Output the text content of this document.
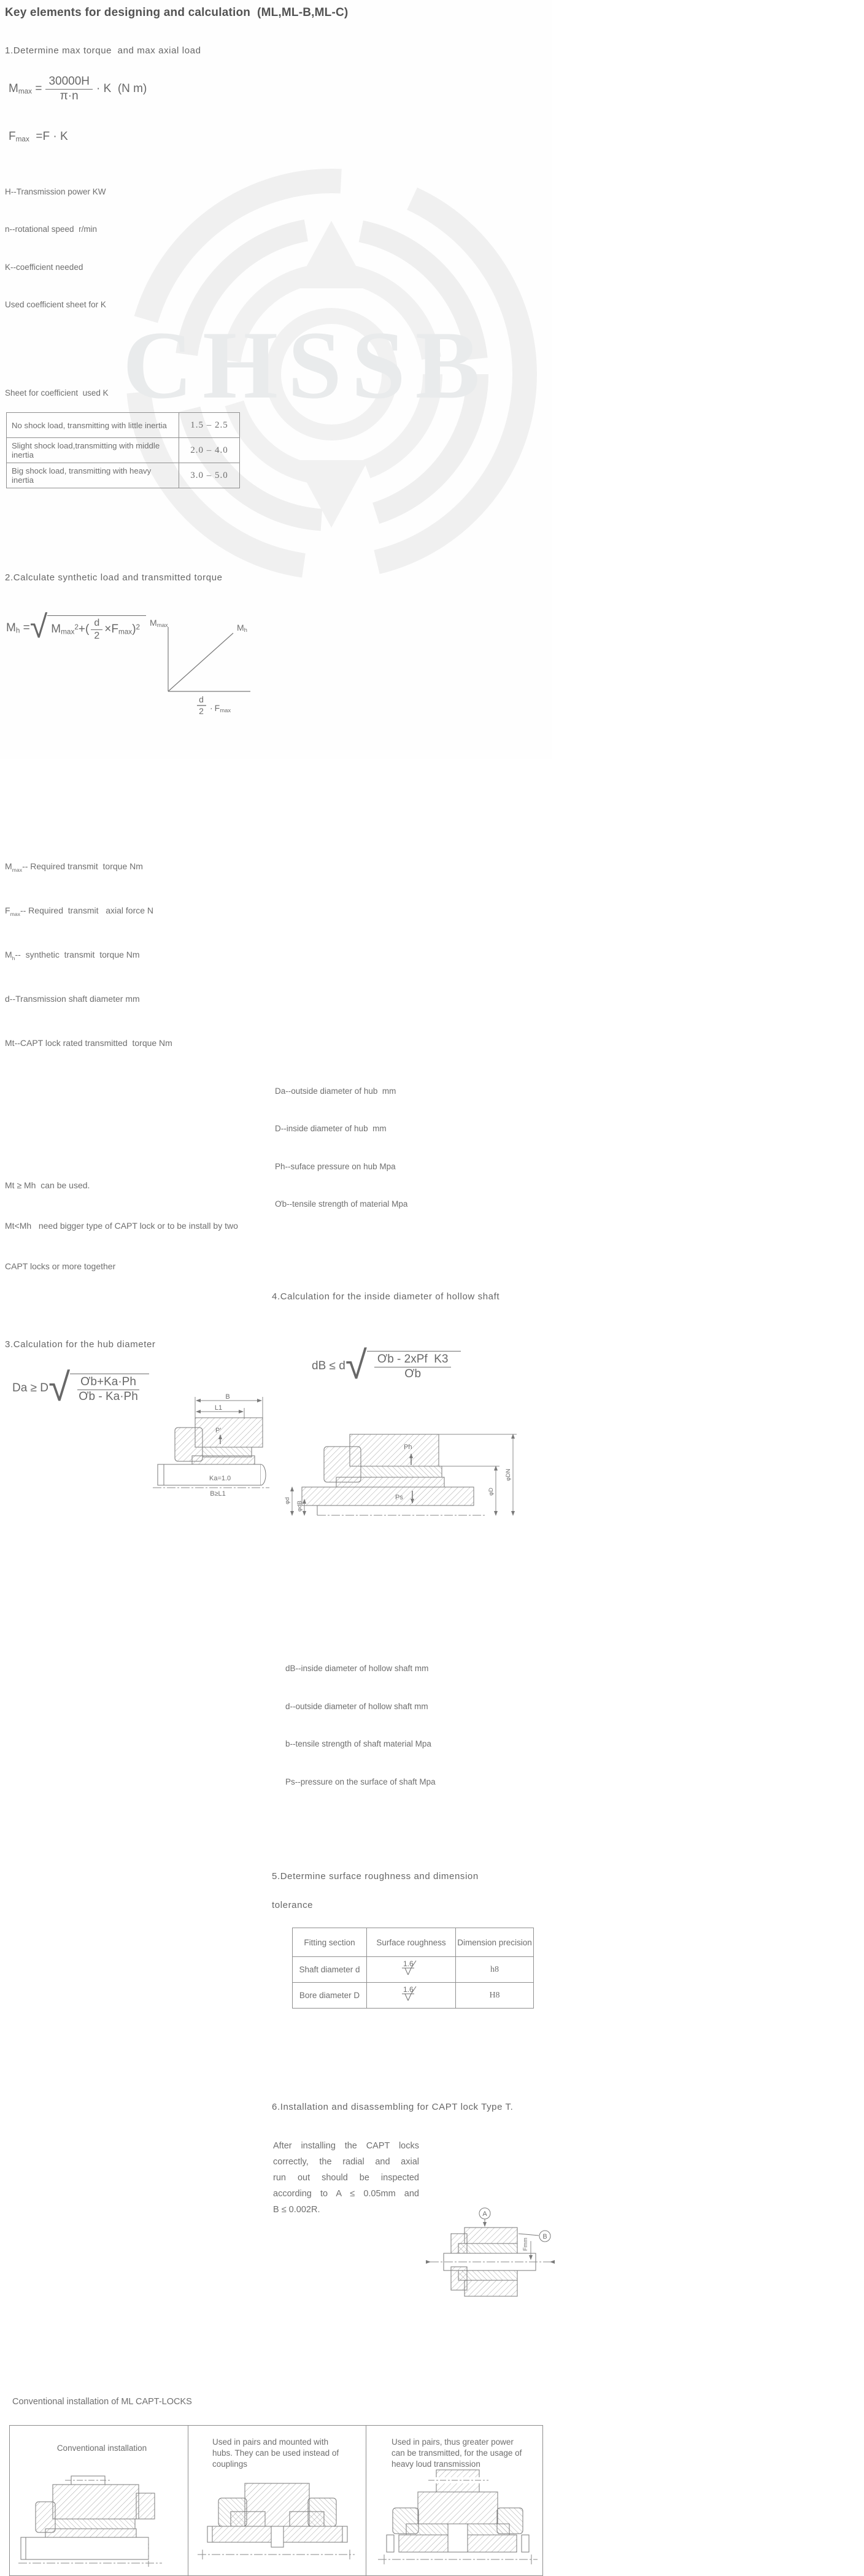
CHSSB
Key elements for designing and calculation  (ML,ML-B,ML-C)
1.Determine max torque  and max axial load
$M_{max} = \frac{30000H}{\pi\cdot n} \cdot K$  (N m)
$F_{max} =F \cdot K$

H--Transmission power KW

n--rotational speed  r/min

K--coefficient needed

Used coefficient sheet for K

Sheet for coefficient  used K
No shock load, transmitting with little inertia	1.5 – 2.5
Slight shock load,transmitting with middle inertia	2.0 – 4.0
Big shock load, transmitting with heavy inertia	3.0 – 5.0
2.Calculate synthetic load and transmitted torque
$M_h$ = √ $M_{max}^2+( \frac{d}{2} \times F_{max})^2$ Mmax	Mh
d
2 · Fmax

$M_{max}--$ Required transmit  torque Nm

$F_{max}--$ Required  transmit   axial force N

$M_h--$  synthetic  transmit  torque Nm

d--Transmission shaft diameter mm

Mt--CAPT lock rated transmitted  torque Nm

Mt ≥ Mh  can be used.

Mt<Mh   need bigger type of CAPT lock or to be install by two

CAPT locks or more together

3.Calculation for the hub diameter
Da ≥ D √ $\frac{Ơb+Ka\cdot Ph}{Ơb - Ka\cdot Ph}$	B
L1
P'
Ka=1.0
B≥L1

Da--outside diameter of hub  mm

D--inside diameter of hub  mm

Ph--suface pressure on hub Mpa

Ơb--tensile strength of material Mpa

4.Calculation for the inside diameter of hollow shaft
dB ≤ d √ $\frac{\text{Ơb - 2xPf  K3}}{Ơb}$
Ph
Ps
φd φdB
φD
φDN

dB--inside diameter of hollow shaft mm

d--outside diameter of hollow shaft mm

b--tensile strength of shaft material Mpa

Ps--pressure on the surface of shaft Mpa

5.Determine surface roughness and dimension
tolerance
Fitting section	Surface roughness	Dimension precision
Shaft diameter d	1.6	h8
Bore diameter D	1.6	H8
6.Installation and disassembling for CAPT lock Type T.
After installing the CAPT locks
correctly, the radial and axial
run out should be inspected
according to A ≤ 0.05mm and
B ≤ 0.002R.	A
B
Fmm
Conventional installation of ML CAPT-LOCKS
Conventional installation
Used in pairs and mounted with hubs. They can be used instead of couplings
Used in pairs, thus greater power can be transmitted, for the usage of heavy loud transmission
